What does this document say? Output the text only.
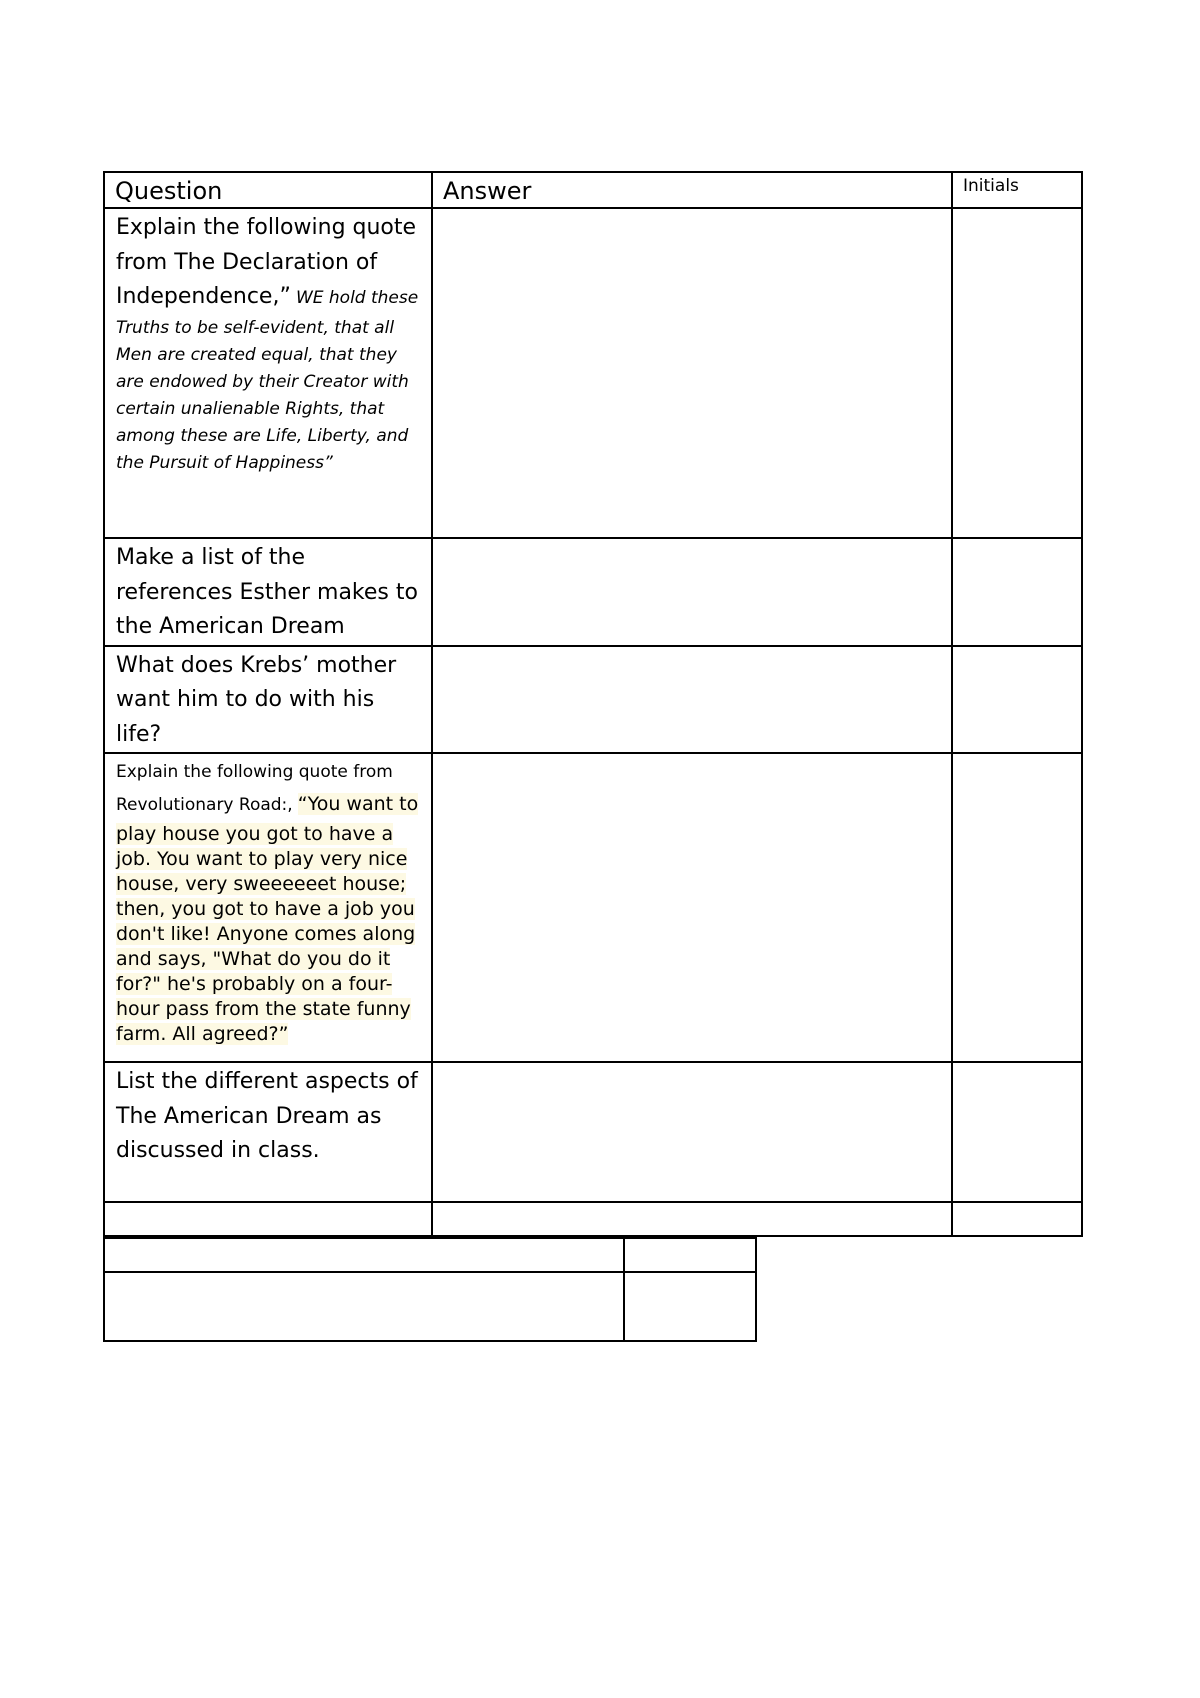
Question	Answer	Initials

Explain the following quote from The Declaration of Independence,” WE hold these Truths to be self-evident, that all Men are created equal, that they are endowed by their Creator with certain unalienable Rights, that among these are Life, Liberty, and the Pursuit of Happiness”		

Make a list of the references Esther makes to the American Dream		

What does Krebs’ mother want him to do with his life?		

Explain the following quote from Revolutionary Road:, “You want to play house you got to have a job. You want to play very nice house, very sweeeeeet house; then, you got to have a job you don't like! Anyone comes along and says, "What do you do it for?" he's probably on a four-hour pass from the state funny farm. All agreed?”		

List the different aspects of The American Dream as discussed in class.		
